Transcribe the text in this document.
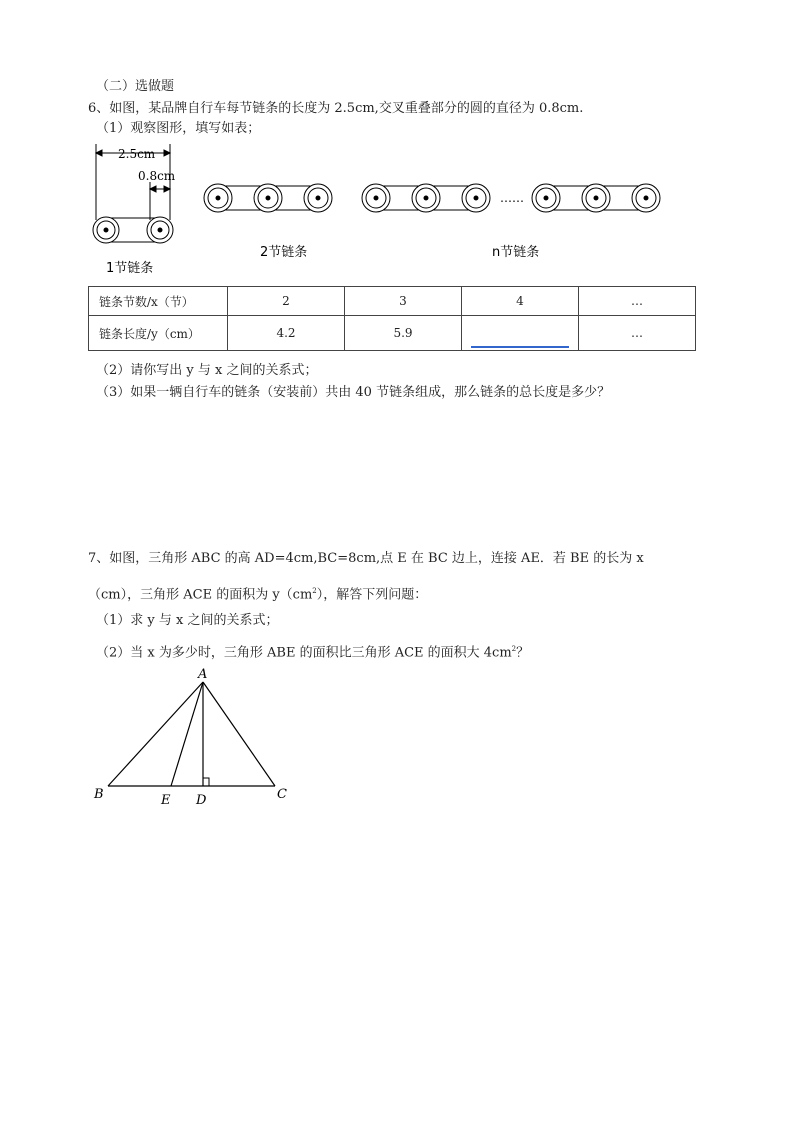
（二）选做题
6、如图，某品牌自行车每节链条的长度为 2.5cm,交叉重叠部分的圆的直径为 0.8cm.
（1）观察图形，填写如表；
2.5cm
0.8cm
……
1节链条
2节链条	n节链条
链条节数/x（节）	2	3	4	…
链条长度/y（cm）	4.2	5.9		…
（2）请你写出 y 与 x 之间的关系式；
（3）如果一辆自行车的链条（安装前）共由 40 节链条组成，那么链条的总长度是多少？
7、如图，三角形 ABC 的高 AD=4cm,BC=8cm,点 E 在 BC 边上，连接 AE．若 BE 的长为 x
（cm），三角形 ACE 的面积为 $y(cm^2)$，解答下列问题：
（1）求 y 与 x 之间的关系式；
（2）当 x 为多少时，三角形 ABE 的面积比三角形 ACE 的面积大 $4cm^2$？
A
B	C
D
E
